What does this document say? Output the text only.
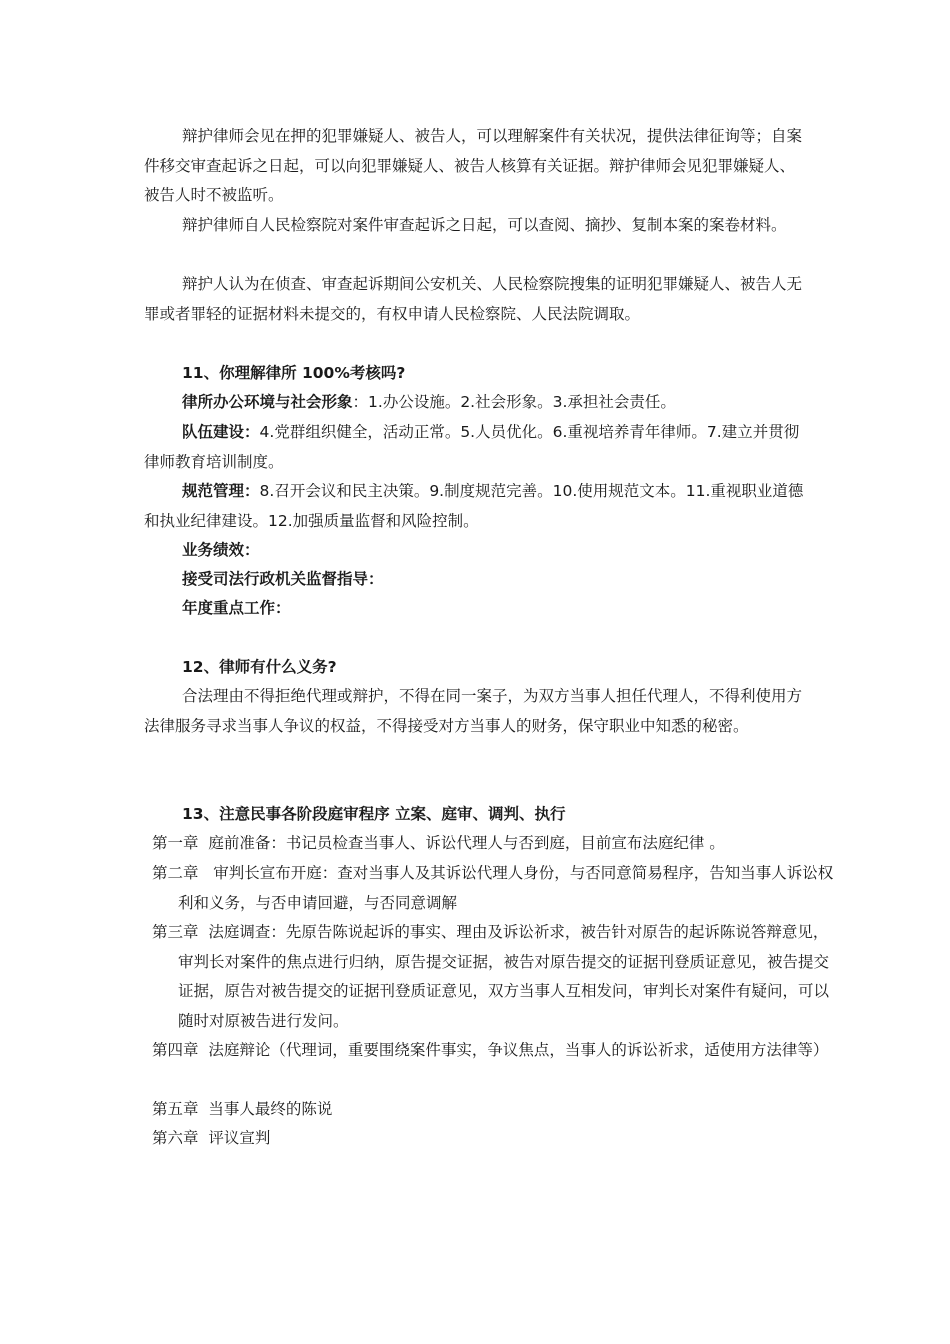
辩护律师会见在押的犯罪嫌疑人、被告人，可以理解案件有关状况，提供法律征询等；自案件移交审查起诉之日起，可以向犯罪嫌疑人、被告人核算有关证据。辩护律师会见犯罪嫌疑人、被告人时不被监听。

辩护律师自人民检察院对案件审查起诉之日起，可以查阅、摘抄、复制本案的案卷材料。

辩护人认为在侦查、审查起诉期间公安机关、人民检察院搜集的证明犯罪嫌疑人、被告人无罪或者罪轻的证据材料未提交的，有权申请人民检察院、人民法院调取。

11、你理解律所 100%考核吗?

律所办公环境与社会形象：1.办公设施。2.社会形象。3.承担社会责任。

队伍建设：4.党群组织健全，活动正常。5.人员优化。6.重视培养青年律师。7.建立并贯彻律师教育培训制度。

规范管理：8.召开会议和民主决策。9.制度规范完善。10.使用规范文本。11.重视职业道德和执业纪律建设。12.加强质量监督和风险控制。

业务绩效：

接受司法行政机关监督指导：

年度重点工作：

12、律师有什么义务?

合法理由不得拒绝代理或辩护，不得在同一案子，为双方当事人担任代理人，不得利使用方法律服务寻求当事人争议的权益，不得接受对方当事人的财务，保守职业中知悉的秘密。

13、注意民事各阶段庭审程序 立案、庭审、调判、执行

第一章 庭前准备：书记员检查当事人、诉讼代理人与否到庭，目前宣布法庭纪律 。

第二章   审判长宣布开庭：查对当事人及其诉讼代理人身份，与否同意简易程序，告知当事人诉讼权利和义务，与否申请回避，与否同意调解

第三章 法庭调查：先原告陈说起诉的事实、理由及诉讼祈求，被告针对原告的起诉陈说答辩意见，审判长对案件的焦点进行归纳，原告提交证据，被告对原告提交的证据刊登质证意见，被告提交证据，原告对被告提交的证据刊登质证意见，双方当事人互相发问，审判长对案件有疑问，可以随时对原被告进行发问。

第四章 法庭辩论（代理词，重要围绕案件事实，争议焦点，当事人的诉讼祈求，适使用方法律等）

第五章 当事人最终的陈说

第六章 评议宣判
